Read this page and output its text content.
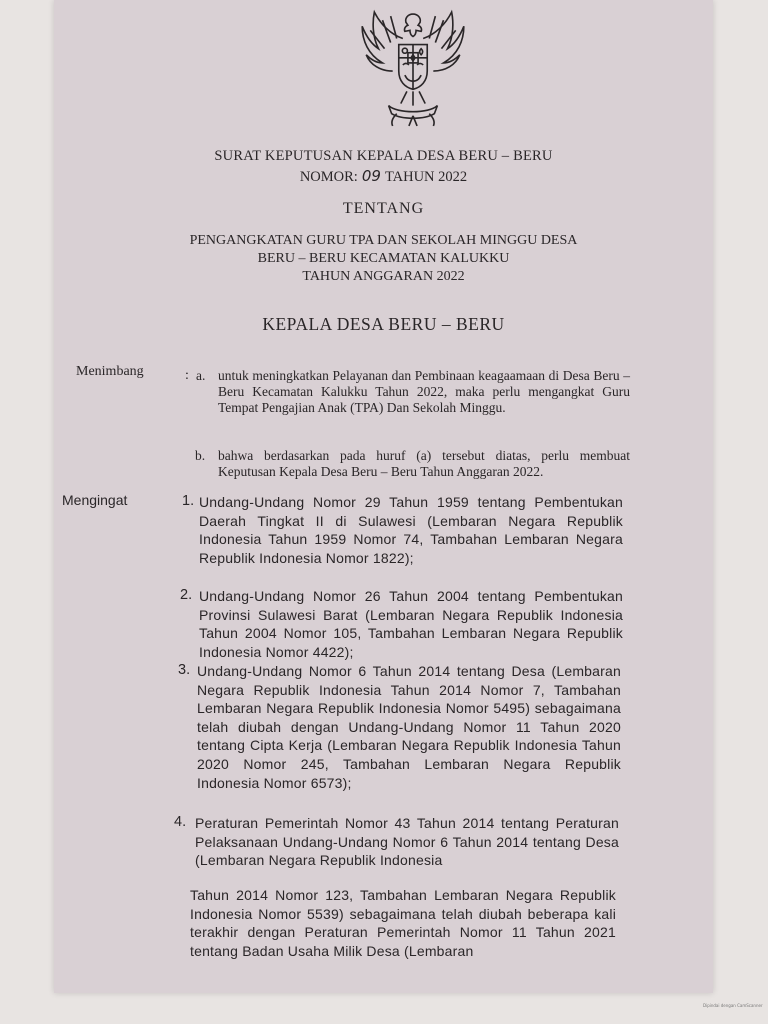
SURAT KEPUTUSAN KEPALA DESA BERU – BERU
NOMOR: 09 TAHUN 2022
TENTANG
PENGANGKATAN GURU TPA DAN SEKOLAH MINGGU DESA
BERU – BERU KECAMATAN KALUKKU
TAHUN ANGGARAN 2022
KEPALA DESA BERU – BERU
Menimbang	: a. untuk meningkatkan Pelayanan dan Pembinaan keagaamaan di Desa Beru – Beru Kecamatan Kalukku Tahun 2022, maka perlu mengangkat Guru Tempat Pengajian Anak (TPA) Dan Sekolah Minggu.
b. bahwa berdasarkan pada huruf (a) tersebut diatas, perlu membuat Keputusan Kepala Desa Beru – Beru Tahun Anggaran 2022.
Mengingat	1. Undang-Undang Nomor 29 Tahun 1959 tentang Pembentukan Daerah Tingkat II di Sulawesi (Lembaran Negara Republik Indonesia Tahun 1959 Nomor 74, Tambahan Lembaran Negara Republik Indonesia Nomor 1822);
2. Undang-Undang Nomor 26 Tahun 2004 tentang Pembentukan Provinsi Sulawesi Barat (Lembaran Negara Republik Indonesia Tahun 2004 Nomor 105, Tambahan Lembaran Negara Republik Indonesia Nomor 4422);
3. Undang-Undang Nomor 6 Tahun 2014 tentang Desa (Lembaran Negara Republik Indonesia Tahun 2014 Nomor 7, Tambahan Lembaran Negara Republik Indonesia Nomor 5495) sebagaimana telah diubah dengan Undang-Undang Nomor 11 Tahun 2020 tentang Cipta Kerja (Lembaran Negara Republik Indonesia Tahun 2020 Nomor 245, Tambahan Lembaran Negara Republik Indonesia Nomor 6573);
4. Peraturan Pemerintah Nomor 43 Tahun 2014 tentang Peraturan Pelaksanaan Undang-Undang Nomor 6 Tahun 2014 tentang Desa (Lembaran Negara Republik Indonesia
Tahun 2014 Nomor 123, Tambahan Lembaran Negara Republik Indonesia Nomor 5539) sebagaimana telah diubah beberapa kali terakhir dengan Peraturan Pemerintah Nomor 11 Tahun 2021 tentang Badan Usaha Milik Desa (Lembaran
Dipindai dengan CamScanner
